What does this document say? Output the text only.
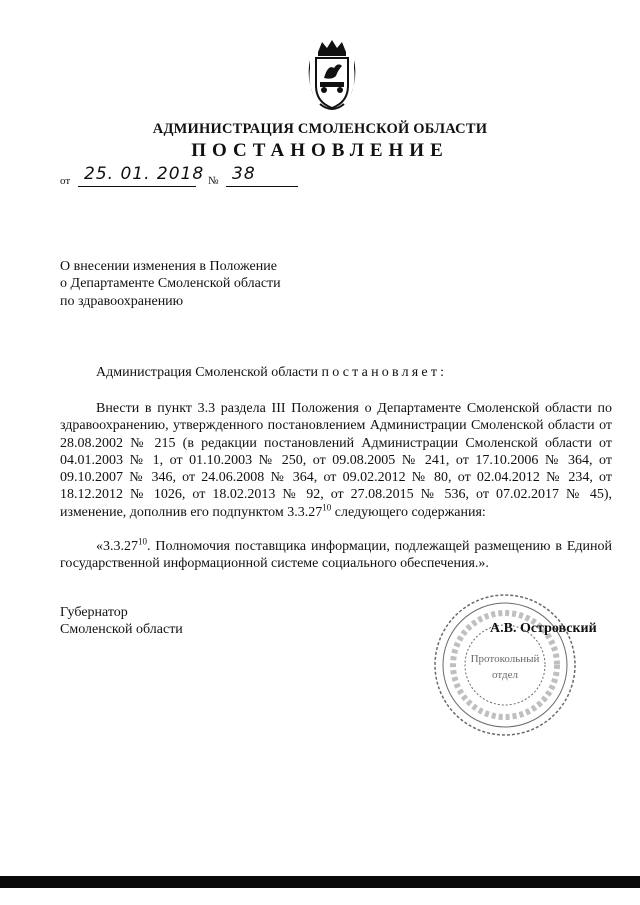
АДМИНИСТРАЦИЯ СМОЛЕНСКОЙ ОБЛАСТИ
ПОСТАНОВЛЕНИЕ
от 25. 01. 2018 № 38
О внесении изменения в Положение
о Департаменте Смоленской области
по здравоохранению
Администрация Смоленской области постановляет:
Внести в пункт 3.3 раздела III Положения о Департаменте Смоленской области по здравоохранению, утвержденного постановлением Администрации Смоленской области от 28.08.2002 № 215 (в редакции постановлений Администрации Смоленской области от 04.01.2003 № 1, от 01.10.2003 № 250, от 09.08.2005 № 241, от 17.10.2006 № 364, от 09.10.2007 № 346, от 24.06.2008 № 364, от 09.02.2012 № 80, от 02.04.2012 № 234, от 18.12.2012 № 1026, от 18.02.2013 № 92, от 27.08.2015 № 536, от 07.02.2017 № 45), изменение, дополнив его подпунктом 3.3.27$^{10}$ следующего содержания:
«3.3.27$^{10}$. Полномочия поставщика информации, подлежащей размещению в Единой государственной информационной системе социального обеспечения.».
Губернатор
Смоленской области
Протокольный
отдел
А.В. Островский
